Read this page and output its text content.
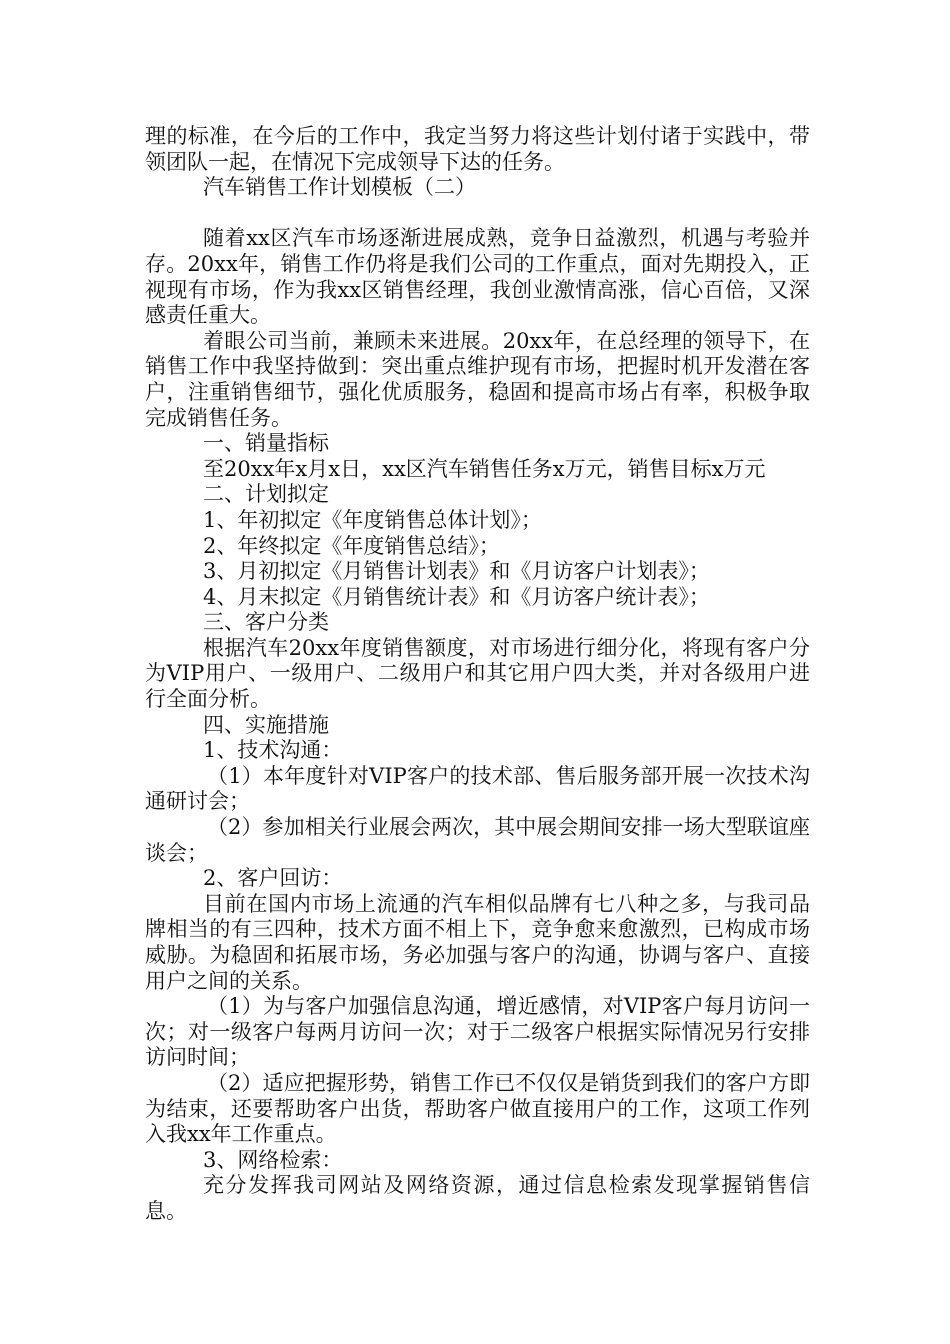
理的标准，在今后的工作中，我定当努力将这些计划付诸于实践中，带领团队一起，在情况下完成领导下达的任务。

汽车销售工作计划模板（二）

随着xx区汽车市场逐渐进展成熟，竞争日益激烈，机遇与考验并存。20xx年，销售工作仍将是我们公司的工作重点，面对先期投入，正视现有市场，作为我xx区销售经理，我创业激情高涨，信心百倍，又深感责任重大。

着眼公司当前，兼顾未来进展。20xx年，在总经理的领导下，在销售工作中我坚持做到：突出重点维护现有市场，把握时机开发潜在客户，注重销售细节，强化优质服务，稳固和提高市场占有率，积极争取完成销售任务。

一、销量指标

至20xx年x月x日，xx区汽车销售任务x万元，销售目标x万元

二、计划拟定

1、年初拟定《年度销售总体计划》；

2、年终拟定《年度销售总结》；

3、月初拟定《月销售计划表》和《月访客户计划表》；

4、月末拟定《月销售统计表》和《月访客户统计表》；

三、客户分类

根据汽车20xx年度销售额度，对市场进行细分化，将现有客户分为VIP用户、一级用户、二级用户和其它用户四大类，并对各级用户进行全面分析。

四、实施措施

1、技术沟通：

（1）本年度针对VIP客户的技术部、售后服务部开展一次技术沟通研讨会；

（2）参加相关行业展会两次，其中展会期间安排一场大型联谊座谈会；

2、客户回访：

目前在国内市场上流通的汽车相似品牌有七八种之多，与我司品牌相当的有三四种，技术方面不相上下，竞争愈来愈激烈，已构成市场威胁。为稳固和拓展市场，务必加强与客户的沟通，协调与客户、直接用户之间的关系。

（1）为与客户加强信息沟通，增近感情，对VIP客户每月访问一次；对一级客户每两月访问一次；对于二级客户根据实际情况另行安排访问时间；

（2）适应把握形势，销售工作已不仅仅是销货到我们的客户方即为结束，还要帮助客户出货，帮助客户做直接用户的工作，这项工作列入我xx年工作重点。

3、网络检索：

充分发挥我司网站及网络资源，通过信息检索发现掌握销售信息。
